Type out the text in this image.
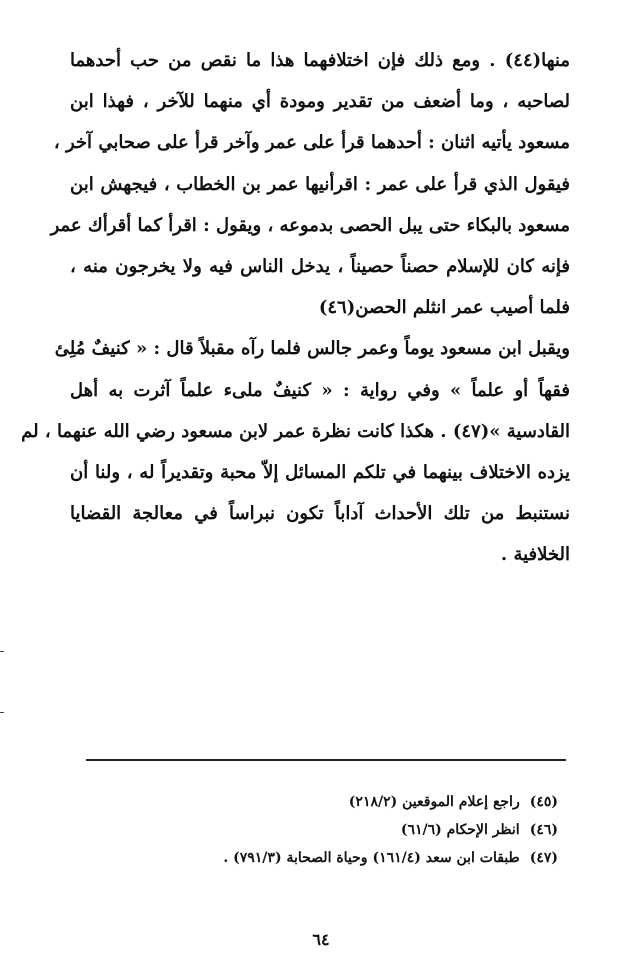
منها‏(٤٤) . ومع ذلك فإن اختلافهما هذا ما نقص من حب أحدهما
لصاحبه ، وما أضعف من تقدير ومودة أي منهما للآخر ، فهذا ابن
مسعود يأتيه اثنان : أحدهما قرأ على عمر وآخر قرأ على صحابي آخر ،
فيقول الذي قرأ على عمر : اقرأنيها عمر بن الخطاب ، فيجهش ابن
مسعود بالبكاء حتى يبل الحصى بدموعه ، ويقول : اقرأ كما أقرأك عمر
فإنه كان للإسلام حصناً حصيناً ، يدخل الناس فيه ولا يخرجون منه ،
فلما أصيب عمر انثلم الحصن‏(٤٦)
ويقبل ابن مسعود يوماً وعمر جالس فلما رآه مقبلاً قال : « كنيفٌ مُلِئ
فقهاً أو علماً » وفي رواية : « كنيفٌ ملىء علماً آثرت به أهل
القادسية »‏(٤٧) . هكذا كانت نظرة عمر لابن مسعود رضي الله عنهما ، لم
يزده الاختلاف بينهما في تلكم المسائل إلاّ محبة وتقديراً له ، ولنا أن
نستنبط من تلك الأحداث آداباً تكون نبراساً في معالجة القضايا
الخلافية .
(٤٥)
راجع إعلام الموقعين (٢١٨/٢)
(٤٦)
انظر الإحكام (٦١/٦)
(٤٧)
طبقات ابن سعد (١٦١/٤) وحياة الصحابة (٧٩١/٣) .
٦٤
